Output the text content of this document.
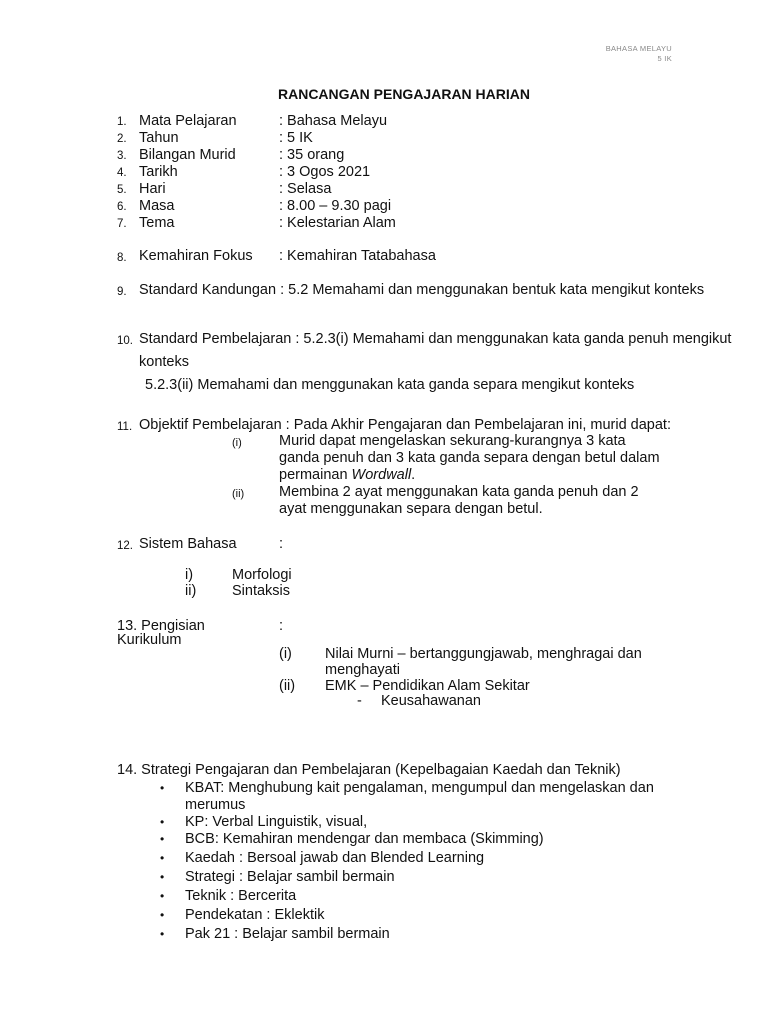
BAHASA MELAYU
5 IK
RANCANGAN PENGAJARAN HARIAN
1. Mata Pelajaran	: Bahasa Melayu
2. Tahun	: 5 IK
3. Bilangan Murid	: 35 orang
4. Tarikh	: 3 Ogos 2021
5. Hari	: Selasa
6. Masa	: 8.00 – 9.30 pagi
7. Tema	: Kelestarian Alam
8. Kemahiran Fokus : Kemahiran Tatabahasa
9. Standard Kandungan : 5.2 Memahami dan menggunakan bentuk kata mengikut konteks
10. Standard Pembelajaran : 5.2.3(i) Memahami dan menggunakan kata ganda penuh mengikut
konteks
5.2.3(ii) Memahami dan menggunakan kata ganda separa mengikut konteks
11. Objektif Pembelajaran : Pada Akhir Pengajaran dan Pembelajaran ini, murid dapat:
(i)	Murid dapat mengelaskan sekurang-kurangnya 3 kata
ganda penuh dan 3 kata ganda separa dengan betul dalam
permainan Wordwall.
(ii) Membina 2 ayat menggunakan kata ganda penuh dan 2
ayat menggunakan separa dengan betul.
12. Sistem Bahasa	:
i)	Morfologi
ii) Sintaksis
13. Pengisian
Kurikulum
:
(i) Nilai Murni – bertanggungjawab, menghragai dan
menghayati
(ii) EMK – Pendidikan Alam Sekitar
- Keusahawanan
14. Strategi Pengajaran dan Pembelajaran (Kepelbagaian Kaedah dan Teknik)
• KBAT: Menghubung kait pengalaman, mengumpul dan mengelaskan dan
merumus
• KP: Verbal Linguistik, visual,
• BCB: Kemahiran mendengar dan membaca (Skimming)
• Kaedah : Bersoal jawab dan Blended Learning
• Strategi : Belajar sambil bermain
• Teknik : Bercerita
• Pendekatan : Eklektik
• Pak 21 : Belajar sambil bermain
